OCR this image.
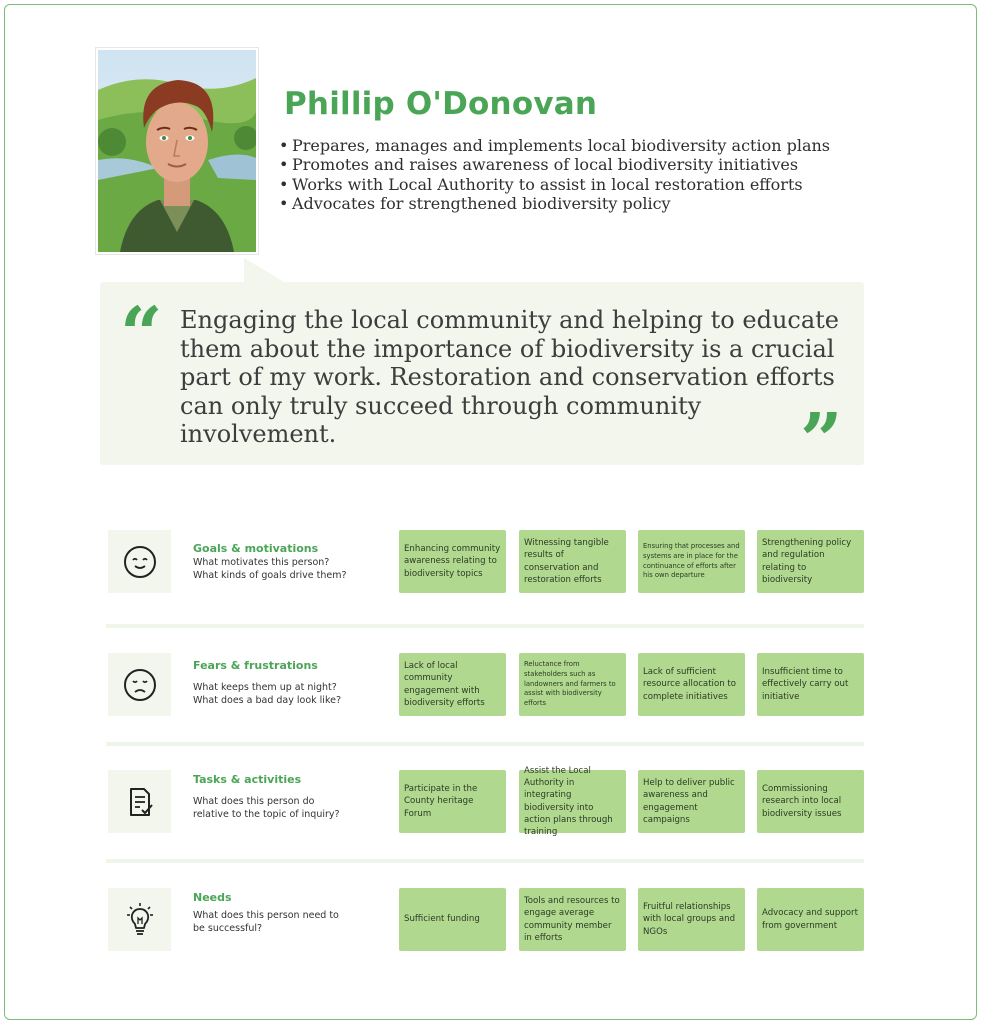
Phillip O'Donovan
• Prepares, manages and implements local biodiversity action plans
• Promotes and raises awareness of local biodiversity initiatives
• Works with Local Authority to assist in local restoration efforts
• Advocates for strengthened biodiversity policy
“ Engaging the local community and helping to educate them about the importance of biodiversity is a crucial part of my work. Restoration and conservation efforts can only truly succeed through community involvement.	”
Goals & motivations
What motivates this person?
What kinds of goals drive them?
Enhancing community awareness relating to biodiversity topics
Witnessing tangible results of conservation and restoration efforts
Ensuring that processes and systems are in place for the continuance of efforts after his own departure
Strengthening policy and regulation relating to biodiversity
Fears & frustrations
What keeps them up at night?
What does a bad day look like?
Lack of local community engagement with biodiversity efforts
Reluctance from stakeholders such as landowners and farmers to assist with biodiversity efforts
Lack of sufficient resource allocation to complete initiatives
Insufficient time to effectively carry out initiative
Tasks & activities
What does this person do
relative to the topic of inquiry?
Participate in the County heritage Forum
Assist the Local Authority in integrating biodiversity into action plans through training
Help to deliver public awareness and engagement campaigns
Commissioning research into local biodiversity issues
Needs
What does this person need to
be successful?
Sufficient funding
Tools and resources to engage average community member in efforts
Fruitful relationships with local groups and NGOs
Advocacy and support from government
